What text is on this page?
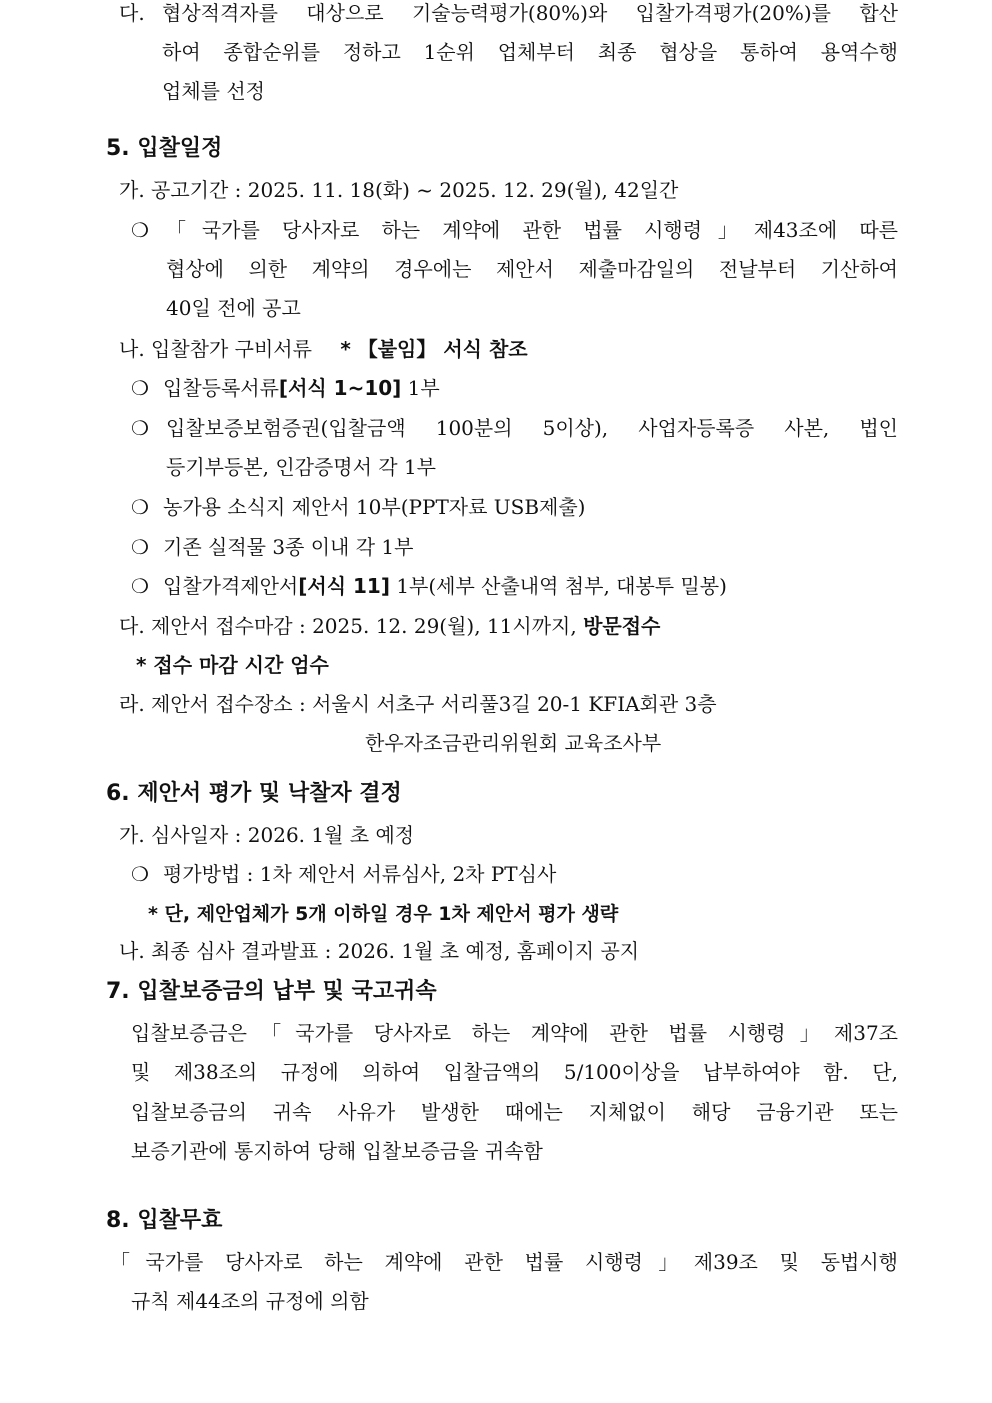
다. 협상적격자를 대상으로 기술능력평가(80%)와 입찰가격평가(20%)를 합산
하여 종합순위를 정하고 1순위 업체부터 최종 협상을 통하여 용역수행
업체를 선정
5. 입찰일정
가. 공고기간 : 2025. 11. 18(화) ~ 2025. 12. 29(월), 42일간
❍ 「국가를 당사자로 하는 계약에 관한 법률 시행령」제43조에 따른
협상에 의한 계약의 경우에는 제안서 제출마감일의 전날부터 기산하여
40일 전에 공고
나. 입찰참가 구비서류 * 【붙임】 서식 참조
❍ 입찰등록서류[서식 1~10] 1부
❍ 입찰보증보험증권(입찰금액 100분의 5이상), 사업자등록증 사본, 법인
등기부등본, 인감증명서 각 1부
❍ 농가용 소식지 제안서 10부(PPT자료 USB제출)
❍ 기존 실적물 3종 이내 각 1부
❍ 입찰가격제안서[서식 11] 1부(세부 산출내역 첨부, 대봉투 밀봉)
다. 제안서 접수마감 : 2025. 12. 29(월), 11시까지, 방문접수
* 접수 마감 시간 엄수
라. 제안서 접수장소 : 서울시 서초구 서리풀3길 20-1 KFIA회관 3층
한우자조금관리위원회 교육조사부
6. 제안서 평가 및 낙찰자 결정
가. 심사일자 : 2026. 1월 초 예정
❍ 평가방법 : 1차 제안서 서류심사, 2차 PT심사
* 단, 제안업체가 5개 이하일 경우 1차 제안서 평가 생략
나. 최종 심사 결과발표 : 2026. 1월 초 예정, 홈페이지 공지
7. 입찰보증금의 납부 및 국고귀속
입찰보증금은「국가를 당사자로 하는 계약에 관한 법률 시행령」제37조
및 제38조의 규정에 의하여 입찰금액의 5/100이상을 납부하여야 함. 단,
입찰보증금의 귀속 사유가 발생한 때에는 지체없이 해당 금융기관 또는
보증기관에 통지하여 당해 입찰보증금을 귀속함
8. 입찰무효
「국가를 당사자로 하는 계약에 관한 법률 시행령」제39조 및 동법시행
규칙 제44조의 규정에 의함
